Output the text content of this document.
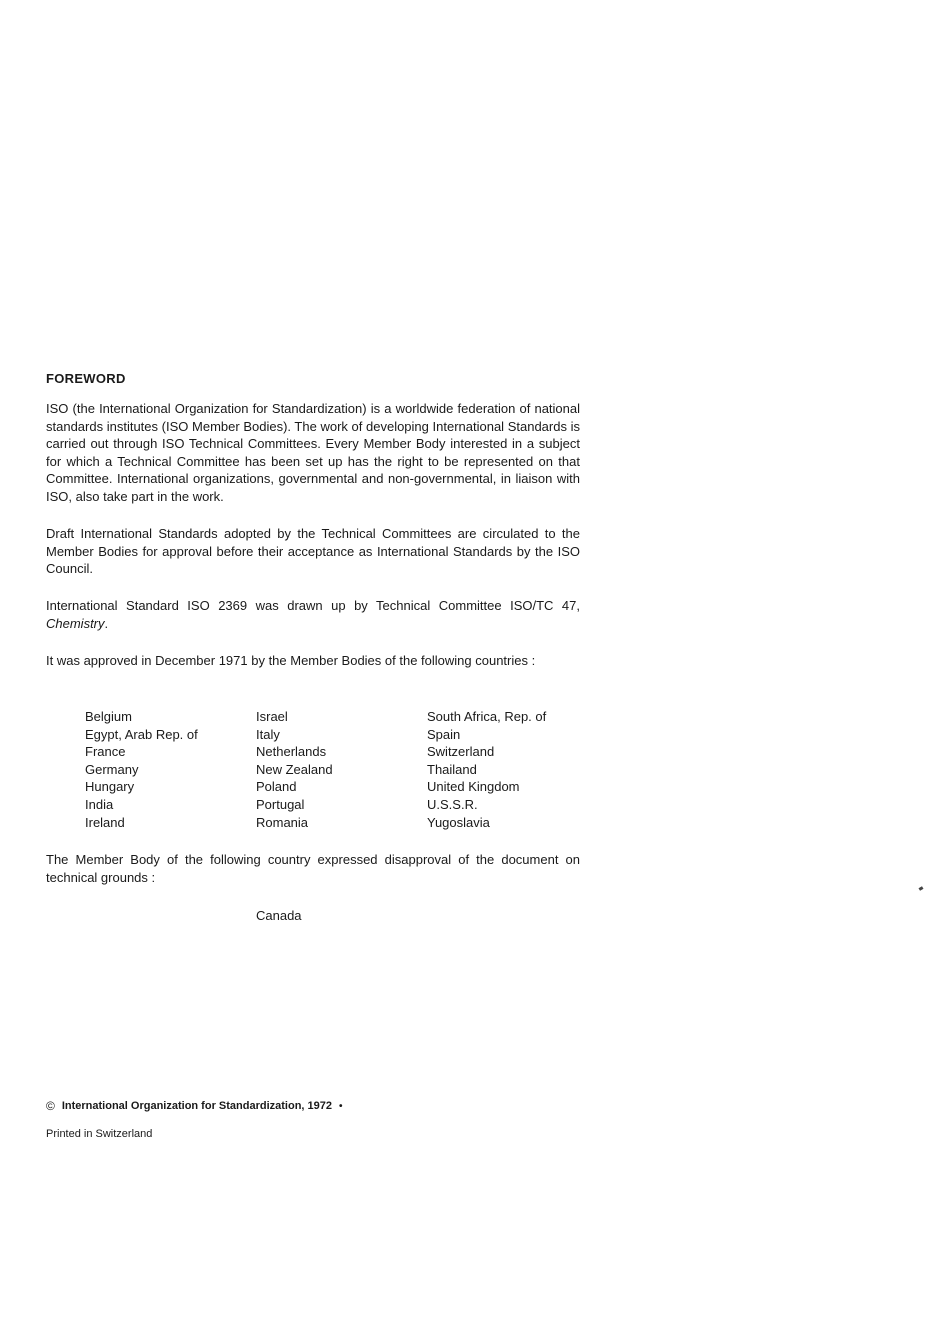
FOREWORD

ISO (the International Organization for Standardization) is a worldwide federation of national standards institutes (ISO Member Bodies). The work of developing International Standards is carried out through ISO Technical Committees. Every Member Body interested in a subject for which a Technical Committee has been set up has the right to be represented on that Committee. International organizations, governmental and non-governmental, in liaison with ISO, also take part in the work.

Draft International Standards adopted by the Technical Committees are circulated to the Member Bodies for approval before their acceptance as International Standards by the ISO Council.

International Standard ISO 2369 was drawn up by Technical Committee ISO/TC 47, Chemistry.

It was approved in December 1971 by the Member Bodies of the following countries :

Belgium
Egypt, Arab Rep. of
France
Germany
Hungary
India
Ireland
Israel
Italy
Netherlands
New Zealand
Poland
Portugal
Romania
South Africa, Rep. of
Spain
Switzerland
Thailand
United Kingdom
U.S.S.R.
Yugoslavia

The Member Body of the following country expressed disapproval of the document on technical grounds :

Canada

© International Organization for Standardization, 1972 •

Printed in Switzerland
